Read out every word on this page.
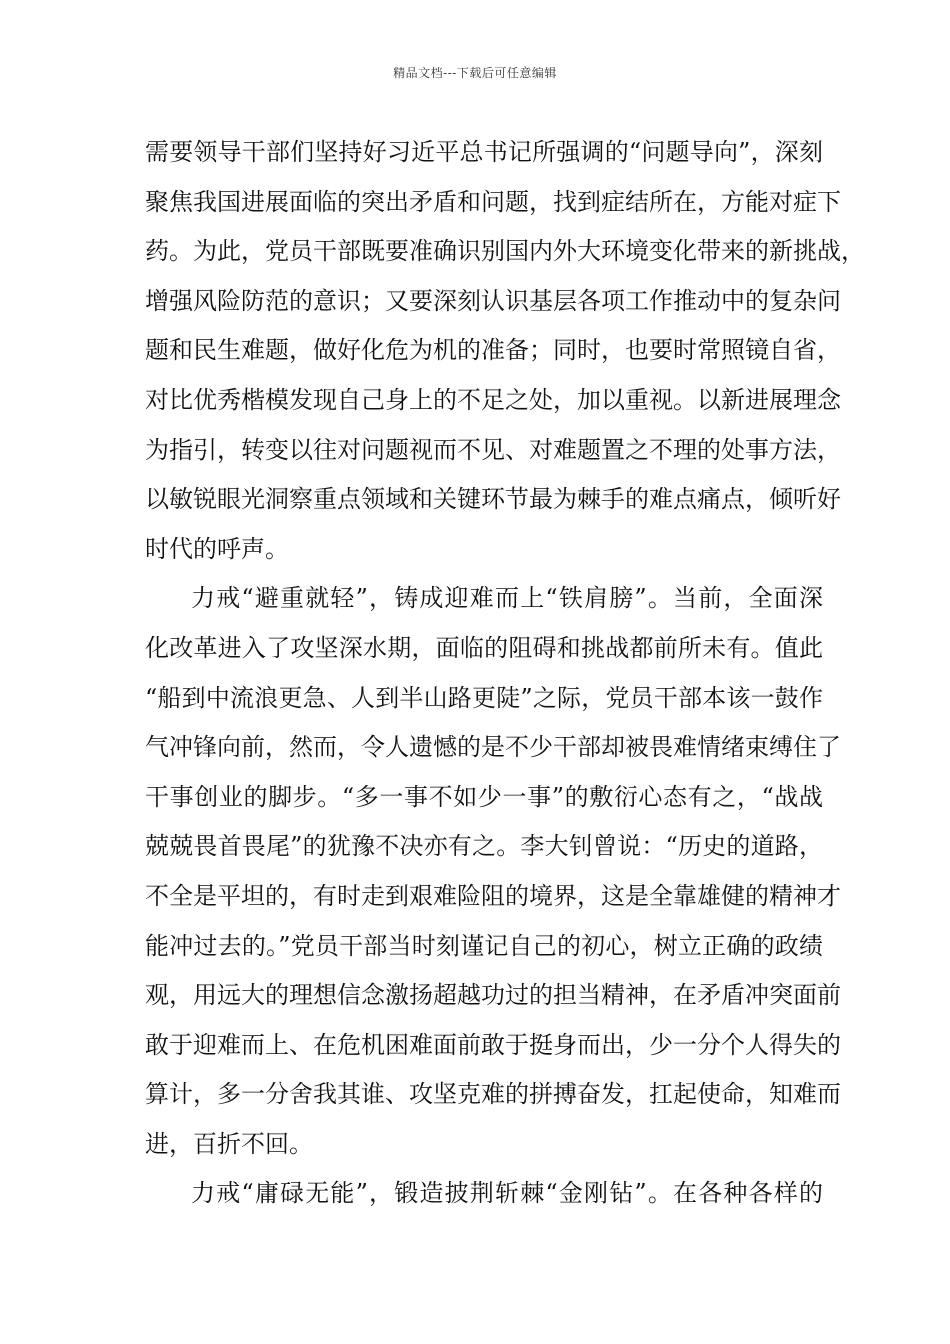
精品文档---下载后可任意编辑
需要领导干部们坚持好习近平总书记所强调的“问题导向”，深刻
聚焦我国进展面临的突出矛盾和问题，找到症结所在，方能对症下
药。为此，党员干部既要准确识别国内外大环境变化带来的新挑战，
增强风险防范的意识；又要深刻认识基层各项工作推动中的复杂问
题和民生难题，做好化危为机的准备；同时，也要时常照镜自省，
对比优秀楷模发现自己身上的不足之处，加以重视。以新进展理念
为指引，转变以往对问题视而不见、对难题置之不理的处事方法，
以敏锐眼光洞察重点领域和关键环节最为棘手的难点痛点，倾听好
时代的呼声。
力戒“避重就轻”，铸成迎难而上“铁肩膀”。当前，全面深
化改革进入了攻坚深水期，面临的阻碍和挑战都前所未有。值此
“船到中流浪更急、人到半山路更陡”之际，党员干部本该一鼓作
气冲锋向前，然而，令人遗憾的是不少干部却被畏难情绪束缚住了
干事创业的脚步。“多一事不如少一事”的敷衍心态有之，“战战
兢兢畏首畏尾”的犹豫不决亦有之。李大钊曾说：“历史的道路，
不全是平坦的，有时走到艰难险阻的境界，这是全靠雄健的精神才
能冲过去的。”党员干部当时刻谨记自己的初心，树立正确的政绩
观，用远大的理想信念激扬超越功过的担当精神，在矛盾冲突面前
敢于迎难而上、在危机困难面前敢于挺身而出，少一分个人得失的
算计，多一分舍我其谁、攻坚克难的拼搏奋发，扛起使命，知难而
进，百折不回。
力戒“庸碌无能”，锻造披荆斩棘“金刚钻”。在各种各样的
